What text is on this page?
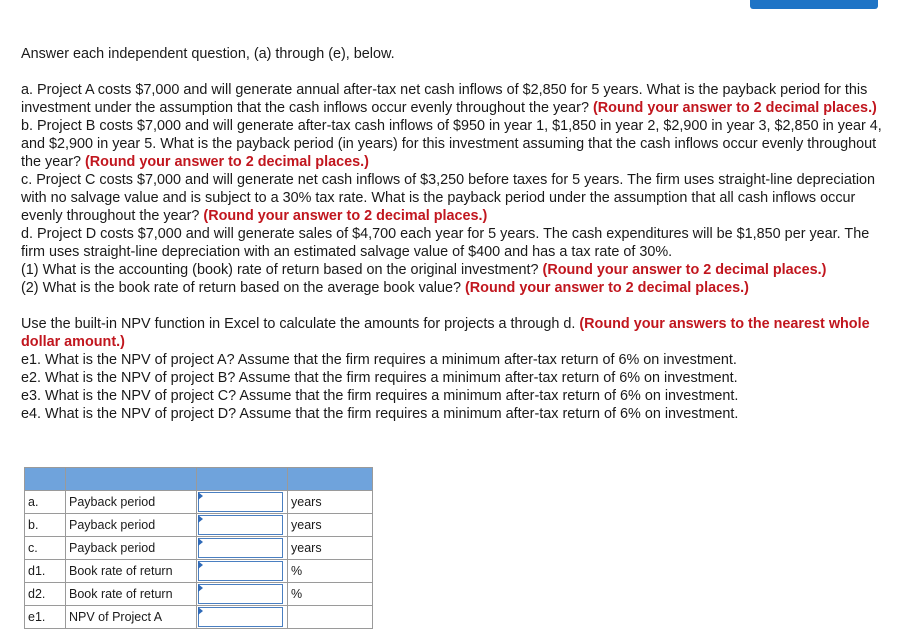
Answer each independent question, (a) through (e), below.

a. Project A costs $7,000 and will generate annual after-tax net cash inflows of $2,850 for 5 years. What is the payback period for this investment under the assumption that the cash inflows occur evenly throughout the year? (Round your answer to 2 decimal places.)

b. Project B costs $7,000 and will generate after-tax cash inflows of $950 in year 1, $1,850 in year 2, $2,900 in year 3, $2,850 in year 4, and $2,900 in year 5. What is the payback period (in years) for this investment assuming that the cash inflows occur evenly throughout the year? (Round your answer to 2 decimal places.)

c. Project C costs $7,000 and will generate net cash inflows of $3,250 before taxes for 5 years. The firm uses straight-line depreciation with no salvage value and is subject to a 30% tax rate. What is the payback period under the assumption that all cash inflows occur evenly throughout the year? (Round your answer to 2 decimal places.)

d. Project D costs $7,000 and will generate sales of $4,700 each year for 5 years. The cash expenditures will be $1,850 per year. The firm uses straight-line depreciation with an estimated salvage value of $400 and has a tax rate of 30%.

(1) What is the accounting (book) rate of return based on the original investment? (Round your answer to 2 decimal places.)

(2) What is the book rate of return based on the average book value? (Round your answer to 2 decimal places.)

Use the built-in NPV function in Excel to calculate the amounts for projects a through d. (Round your answers to the nearest whole dollar amount.)

e1. What is the NPV of project A? Assume that the firm requires a minimum after-tax return of 6% on investment.

e2. What is the NPV of project B? Assume that the firm requires a minimum after-tax return of 6% on investment.

e3. What is the NPV of project C? Assume that the firm requires a minimum after-tax return of 6% on investment.

e4. What is the NPV of project D? Assume that the firm requires a minimum after-tax return of 6% on investment.

a.	Payback period		years
b.	Payback period		years
c.	Payback period		years
d1.	Book rate of return		%
d2.	Book rate of return		%
e1.	NPV of Project A	
